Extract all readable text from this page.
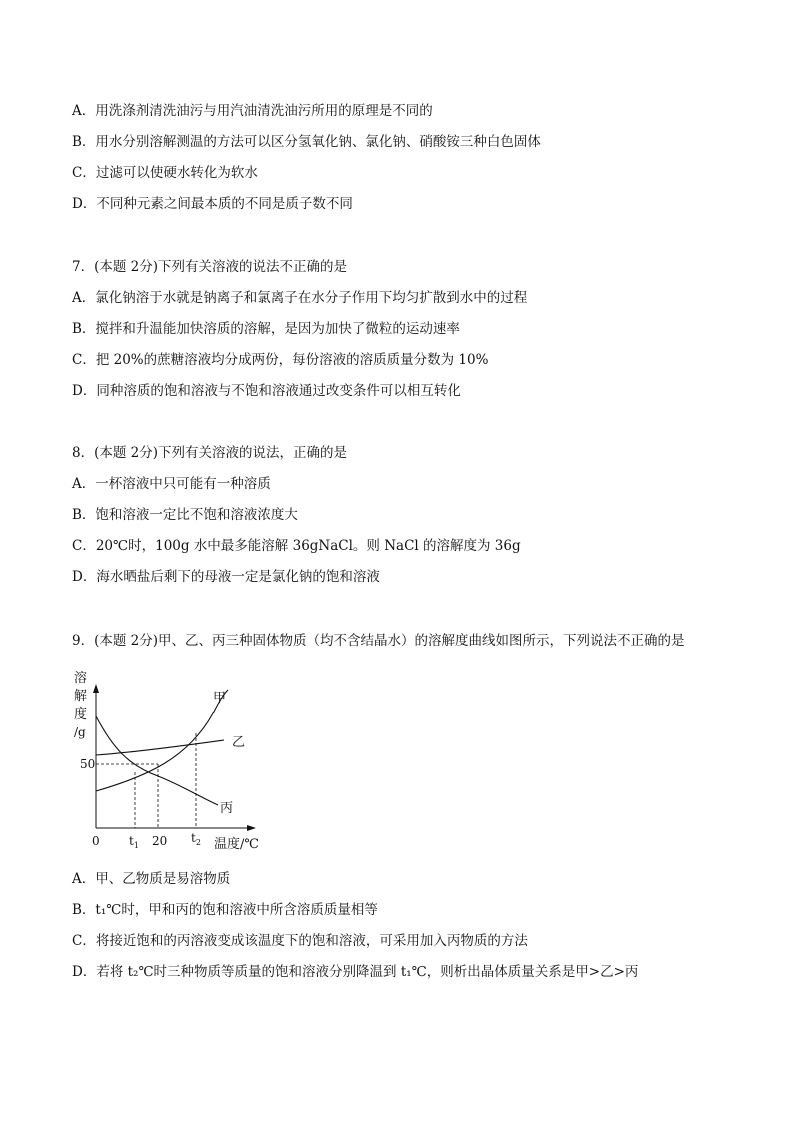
A．用洗涤剂清洗油污与用汽油清洗油污所用的原理是不同的
B．用水分别溶解测温的方法可以区分氢氧化钠、氯化钠、硝酸铵三种白色固体
C．过滤可以使硬水转化为软水
D．不同种元素之间最本质的不同是质子数不同
7．(本题 2分)下列有关溶液的说法不正确的是
A．氯化钠溶于水就是钠离子和氯离子在水分子作用下均匀扩散到水中的过程
B．搅拌和升温能加快溶质的溶解，是因为加快了微粒的运动速率
C．把 20%的蔗糖溶液均分成两份，每份溶液的溶质质量分数为 10%
D．同种溶质的饱和溶液与不饱和溶液通过改变条件可以相互转化
8．(本题 2分)下列有关溶液的说法，正确的是
A．一杯溶液中只可能有一种溶质
B．饱和溶液一定比不饱和溶液浓度大
C．20℃时，100g 水中最多能溶解 36gNaCl。则 NaCl 的溶解度为 36g
D．海水晒盐后剩下的母液一定是氯化钠的饱和溶液
9．(本题 2分)甲、乙、丙三种固体物质（均不含结晶水）的溶解度曲线如图所示，下列说法不正确的是
溶
解
度
/g
甲
乙
丙
50
0 $t_1$ 20 $t_2$ 温度/℃
A．甲、乙物质是易溶物质
B．t₁℃时，甲和丙的饱和溶液中所含溶质质量相等
C．将接近饱和的丙溶液变成该温度下的饱和溶液，可采用加入丙物质的方法
D．若将 t₂℃时三种物质等质量的饱和溶液分别降温到 t₁℃，则析出晶体质量关系是甲>乙>丙
